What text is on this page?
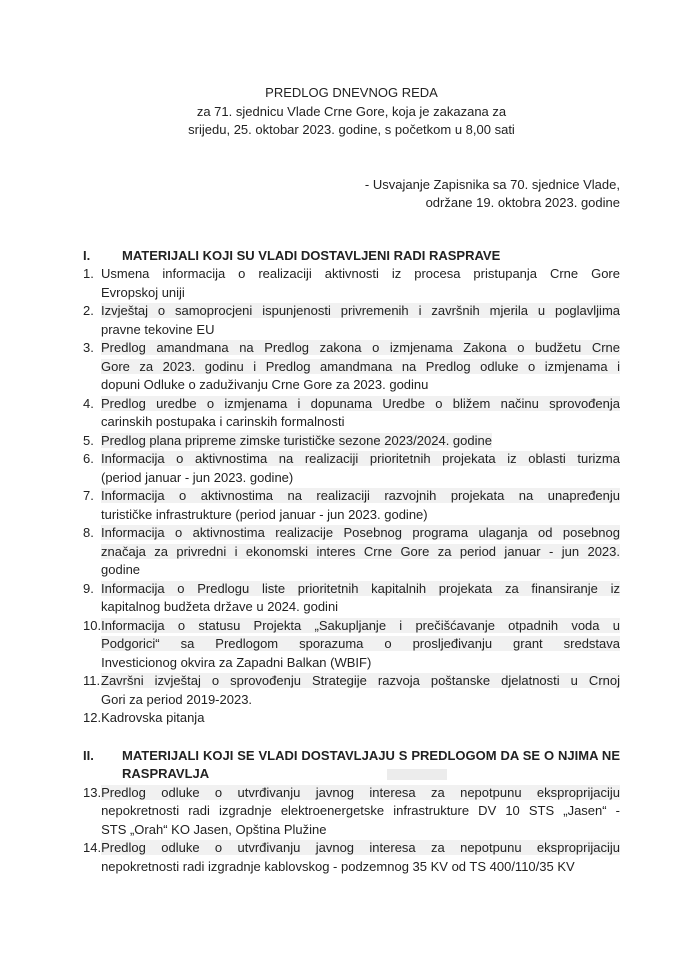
PREDLOG DNEVNOG REDA
za 71. sjednicu Vlade Crne Gore, koja je zakazana za
srijedu, 25. oktobar 2023. godine, s početkom u 8,00 sati
- Usvajanje Zapisnika sa 70. sjednice Vlade,
održane 19. oktobra 2023. godine
I.	MATERIJALI KOJI SU VLADI DOSTAVLJENI RADI RASPRAVE
1. Usmena informacija o realizaciji aktivnosti iz procesa pristupanja Crne Gore
Evropskoj uniji
2. Izvještaj o samoprocjeni ispunjenosti privremenih i završnih mjerila u poglavljima
pravne tekovine EU
3. Predlog amandmana na Predlog zakona o izmjenama Zakona o budžetu Crne
Gore za 2023. godinu i Predlog amandmana na Predlog odluke o izmjenama i
dopuni Odluke o zaduživanju Crne Gore za 2023. godinu
4. Predlog uredbe o izmjenama i dopunama Uredbe o bližem načinu sprovođenja
carinskih postupaka i carinskih formalnosti
5. Predlog plana pripreme zimske turističke sezone 2023/2024. godine
6. Informacija o aktivnostima na realizaciji prioritetnih projekata iz oblasti turizma
(period januar - jun 2023. godine)
7. Informacija o aktivnostima na realizaciji razvojnih projekata na unapređenju
turističke infrastrukture (period januar - jun 2023. godine)
8. Informacija o aktivnostima realizacije Posebnog programa ulaganja od posebnog
značaja za privredni i ekonomski interes Crne Gore za period januar - jun 2023.
godine
9. Informacija o Predlogu liste prioritetnih kapitalnih projekata za finansiranje iz
kapitalnog budžeta države u 2024. godini
10. Informacija o statusu Projekta „Sakupljanje i prečišćavanje otpadnih voda u
Podgorici“ sa Predlogom sporazuma o prosljeđivanju grant sredstava
Investicionog okvira za Zapadni Balkan (WBIF)
11. Završni izvještaj o sprovođenju Strategije razvoja poštanske djelatnosti u Crnoj
Gori za period 2019-2023.
12. Kadrovska pitanja
II.	MATERIJALI KOJI SE VLADI DOSTAVLJAJU S PREDLOGOM DA SE O NJIMA NE
RASPRAVLJA
13. Predlog odluke o utvrđivanju javnog interesa za nepotpunu eksproprijaciju
nepokretnosti radi izgradnje elektroenergetske infrastrukture DV 10 STS „Jasen“ -
STS „Orah“ KO Jasen, Opština Plužine
14. Predlog odluke o utvrđivanju javnog interesa za nepotpunu eksproprijaciju
nepokretnosti radi izgradnje kablovskog - podzemnog 35 KV od TS 400/110/35 KV
